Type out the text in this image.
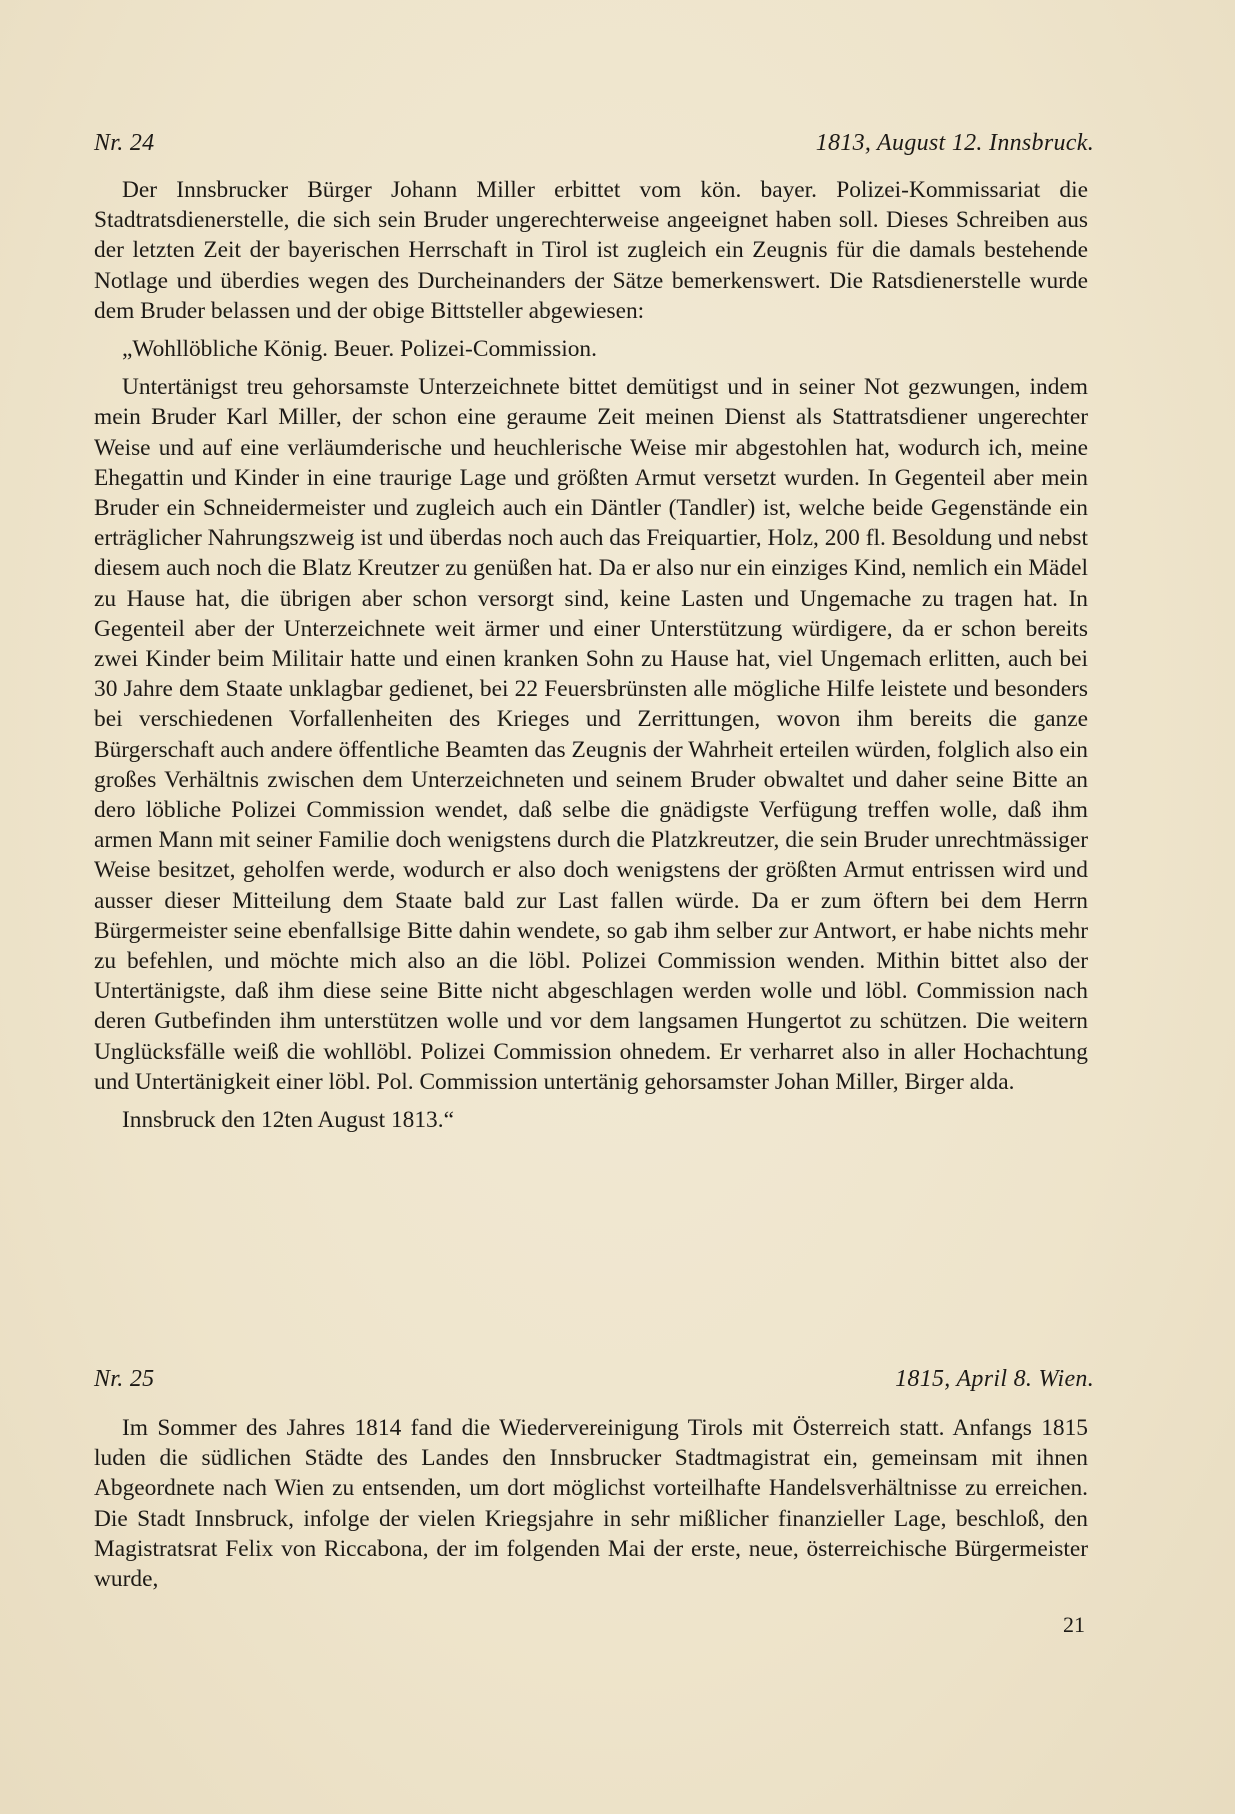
Nr. 24	1813, August 12. Innsbruck.

Der Innsbrucker Bürger Johann Miller erbittet vom kön. bayer. Polizei-Kommissariat die Stadtratsdienerstelle, die sich sein Bruder ungerechterweise angeeignet haben soll. Dieses Schreiben aus der letzten Zeit der bayerischen Herrschaft in Tirol ist zugleich ein Zeugnis für die damals bestehende Notlage und überdies wegen des Durcheinanders der Sätze bemerkenswert. Die Ratsdienerstelle wurde dem Bruder belassen und der obige Bittsteller abgewiesen:

„Wohllöbliche König. Beuer. Polizei-Commission.

Untertänigst treu gehorsamste Unterzeichnete bittet demütigst und in seiner Not gezwungen, indem mein Bruder Karl Miller, der schon eine geraume Zeit meinen Dienst als Stattratsdiener ungerechter Weise und auf eine verläumderische und heuchlerische Weise mir abgestohlen hat, wodurch ich, meine Ehegattin und Kinder in eine traurige Lage und größten Armut versetzt wurden. In Gegenteil aber mein Bruder ein Schneidermeister und zugleich auch ein Däntler (Tandler) ist, welche beide Gegenstände ein erträglicher Nahrungszweig ist und überdas noch auch das Freiquartier, Holz, 200 fl. Besoldung und nebst diesem auch noch die Blatz Kreutzer zu genüßen hat. Da er also nur ein einziges Kind, nemlich ein Mädel zu Hause hat, die übrigen aber schon versorgt sind, keine Lasten und Ungemache zu tragen hat. In Gegenteil aber der Unterzeichnete weit ärmer und einer Unterstützung würdigere, da er schon bereits zwei Kinder beim Militair hatte und einen kranken Sohn zu Hause hat, viel Ungemach erlitten, auch bei 30 Jahre dem Staate unklagbar gedienet, bei 22 Feuersbrünsten alle mögliche Hilfe leistete und besonders bei verschiedenen Vorfallenheiten des Krieges und Zerrittungen, wovon ihm bereits die ganze Bürgerschaft auch andere öffentliche Beamten das Zeugnis der Wahrheit erteilen würden, folglich also ein großes Verhältnis zwischen dem Unterzeichneten und seinem Bruder obwaltet und daher seine Bitte an dero löbliche Polizei Commission wendet, daß selbe die gnädigste Verfügung treffen wolle, daß ihm armen Mann mit seiner Familie doch wenigstens durch die Platzkreutzer, die sein Bruder unrechtmässiger Weise besitzet, geholfen werde, wodurch er also doch wenigstens der größten Armut entrissen wird und ausser dieser Mitteilung dem Staate bald zur Last fallen würde. Da er zum öftern bei dem Herrn Bürgermeister seine ebenfallsige Bitte dahin wendete, so gab ihm selber zur Antwort, er habe nichts mehr zu befehlen, und möchte mich also an die löbl. Polizei Commission wenden. Mithin bittet also der Untertänigste, daß ihm diese seine Bitte nicht abgeschlagen werden wolle und löbl. Commission nach deren Gutbefinden ihm unterstützen wolle und vor dem langsamen Hungertot zu schützen. Die weitern Unglücksfälle weiß die wohllöbl. Polizei Commission ohnedem. Er verharret also in aller Hochachtung und Untertänigkeit einer löbl. Pol. Commission untertänig gehorsamster Johan Miller, Birger alda.

Innsbruck den 12ten August 1813.“

Nr. 25	1815, April 8. Wien.

Im Sommer des Jahres 1814 fand die Wiedervereinigung Tirols mit Österreich statt. Anfangs 1815 luden die südlichen Städte des Landes den Innsbrucker Stadtmagistrat ein, gemeinsam mit ihnen Abgeordnete nach Wien zu entsenden, um dort möglichst vorteilhafte Handelsverhältnisse zu erreichen. Die Stadt Innsbruck, infolge der vielen Kriegsjahre in sehr mißlicher finanzieller Lage, beschloß, den Magistratsrat Felix von Riccabona, der im folgenden Mai der erste, neue, österreichische Bürgermeister wurde,

21
